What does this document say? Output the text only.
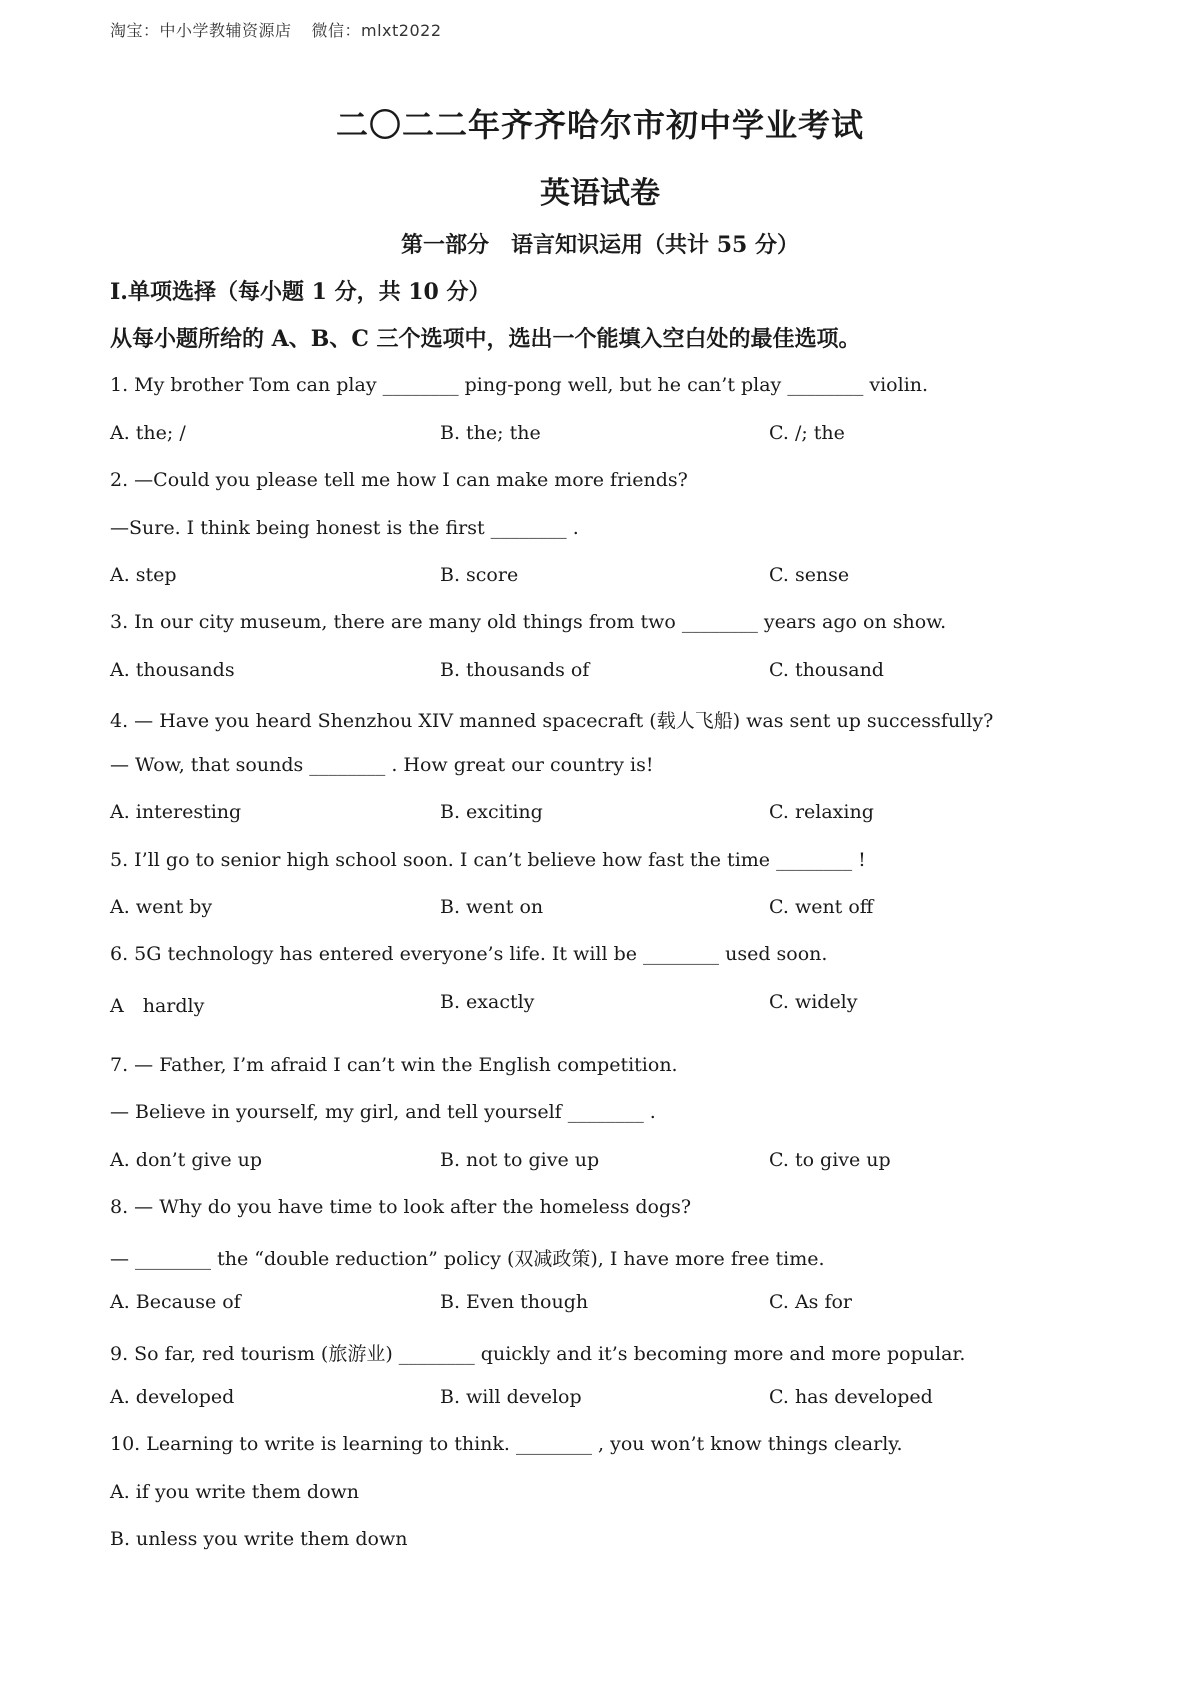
淘宝：中小学教辅资源店 微信：mlxt2022
二〇二二年齐齐哈尔市初中学业考试
英语试卷
第一部分　语言知识运用（共计 55 分）
Ⅰ.单项选择（每小题 1 分，共 10 分）
从每小题所给的 A、B、C 三个选项中，选出一个能填入空白处的最佳选项。
1. My brother Tom can play ________ ping-pong well, but he can’t play ________ violin.
A. the; /	B. the; the	C. /; the
2. —Could you please tell me how I can make more friends?
—Sure. I think being honest is the first ________ .
A. step	B. score	C. sense
3. In our city museum, there are many old things from two ________ years ago on show.
A. thousands	B. thousands of	C. thousand
4. — Have you heard Shenzhou XIV manned spacecraft (载人飞船) was sent up successfully?
— Wow, that sounds ________ . How great our country is!
A. interesting	B. exciting	C. relaxing
5. I’ll go to senior high school soon. I can’t believe how fast the time ________ !
A. went by	B. went on	C. went off
6. 5G technology has entered everyone’s life. It will be ________ used soon.
A　hardly	B. exactly	C. widely
7. — Father, I’m afraid I can’t win the English competition.
— Believe in yourself, my girl, and tell yourself ________ .
A. don’t give up	B. not to give up	C. to give up
8. — Why do you have time to look after the homeless dogs?
— ________ the “double reduction” policy (双减政策), I have more free time.
A. Because of	B. Even though	C. As for
9. So far, red tourism (旅游业) ________ quickly and it’s becoming more and more popular.
A. developed	B. will develop	C. has developed
10. Learning to write is learning to think. ________ , you won’t know things clearly.
A. if you write them down
B. unless you write them down
